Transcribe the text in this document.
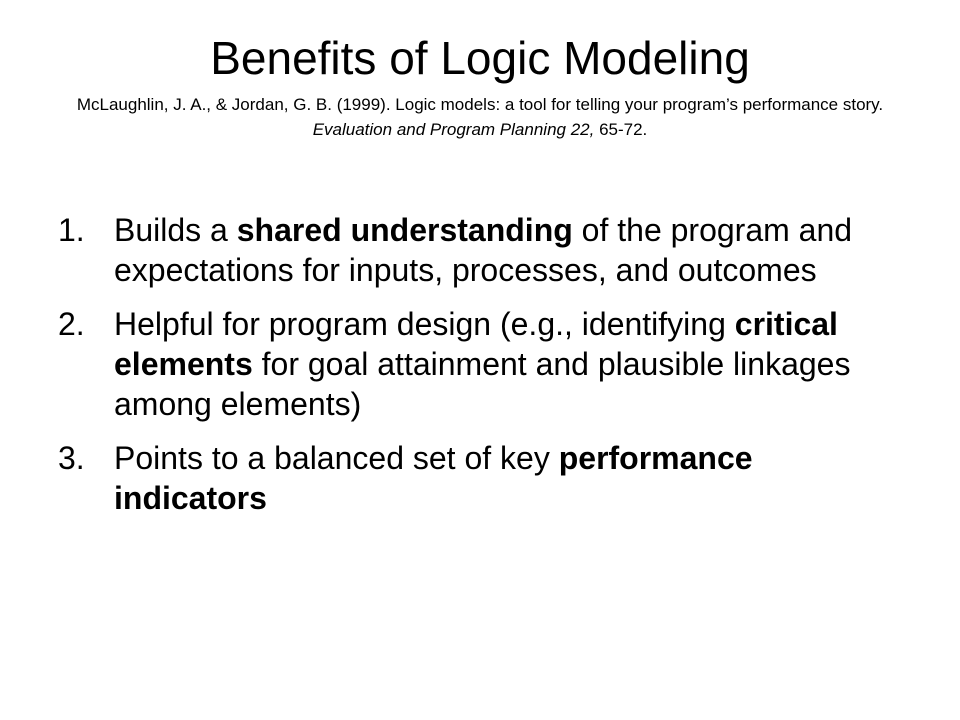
Benefits of Logic Modeling

McLaughlin, J. A., & Jordan, G. B. (1999). Logic models: a tool for telling your program’s performance story. Evaluation and Program Planning 22, 65-72.

1. Builds a shared understanding of the program and expectations for inputs, processes, and outcomes
2. Helpful for program design (e.g., identifying critical elements for goal attainment and plausible linkages among elements)
3. Points to a balanced set of key performance indicators
